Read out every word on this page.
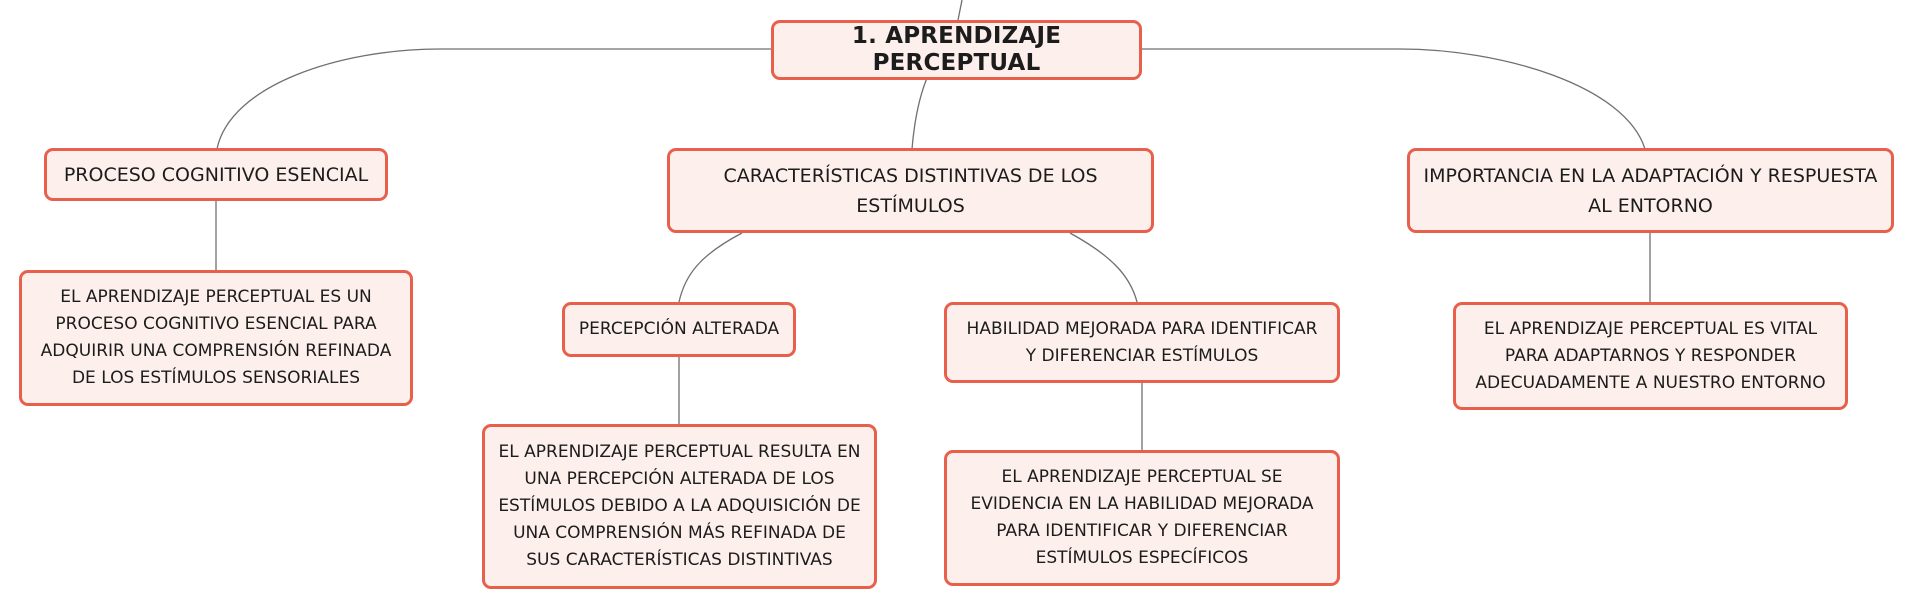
1. APRENDIZAJE PERCEPTUAL
PROCESO COGNITIVO ESENCIAL	CARACTERÍSTICAS DISTINTIVAS DE LOS ESTÍMULOS
IMPORTANCIA EN LA ADAPTACIÓN Y RESPUESTA AL ENTORNO
EL APRENDIZAJE PERCEPTUAL ES UN PROCESO COGNITIVO ESENCIAL PARA ADQUIRIR UNA COMPRENSIÓN REFINADA DE LOS ESTÍMULOS SENSORIALES
PERCEPCIÓN ALTERADA	HABILIDAD MEJORADA PARA IDENTIFICAR Y DIFERENCIAR ESTÍMULOS
EL APRENDIZAJE PERCEPTUAL ES VITAL PARA ADAPTARNOS Y RESPONDER ADECUADAMENTE A NUESTRO ENTORNO
EL APRENDIZAJE PERCEPTUAL RESULTA EN UNA PERCEPCIÓN ALTERADA DE LOS ESTÍMULOS DEBIDO A LA ADQUISICIÓN DE UNA COMPRENSIÓN MÁS REFINADA DE SUS CARACTERÍSTICAS DISTINTIVAS
EL APRENDIZAJE PERCEPTUAL SE EVIDENCIA EN LA HABILIDAD MEJORADA PARA IDENTIFICAR Y DIFERENCIAR ESTÍMULOS ESPECÍFICOS
